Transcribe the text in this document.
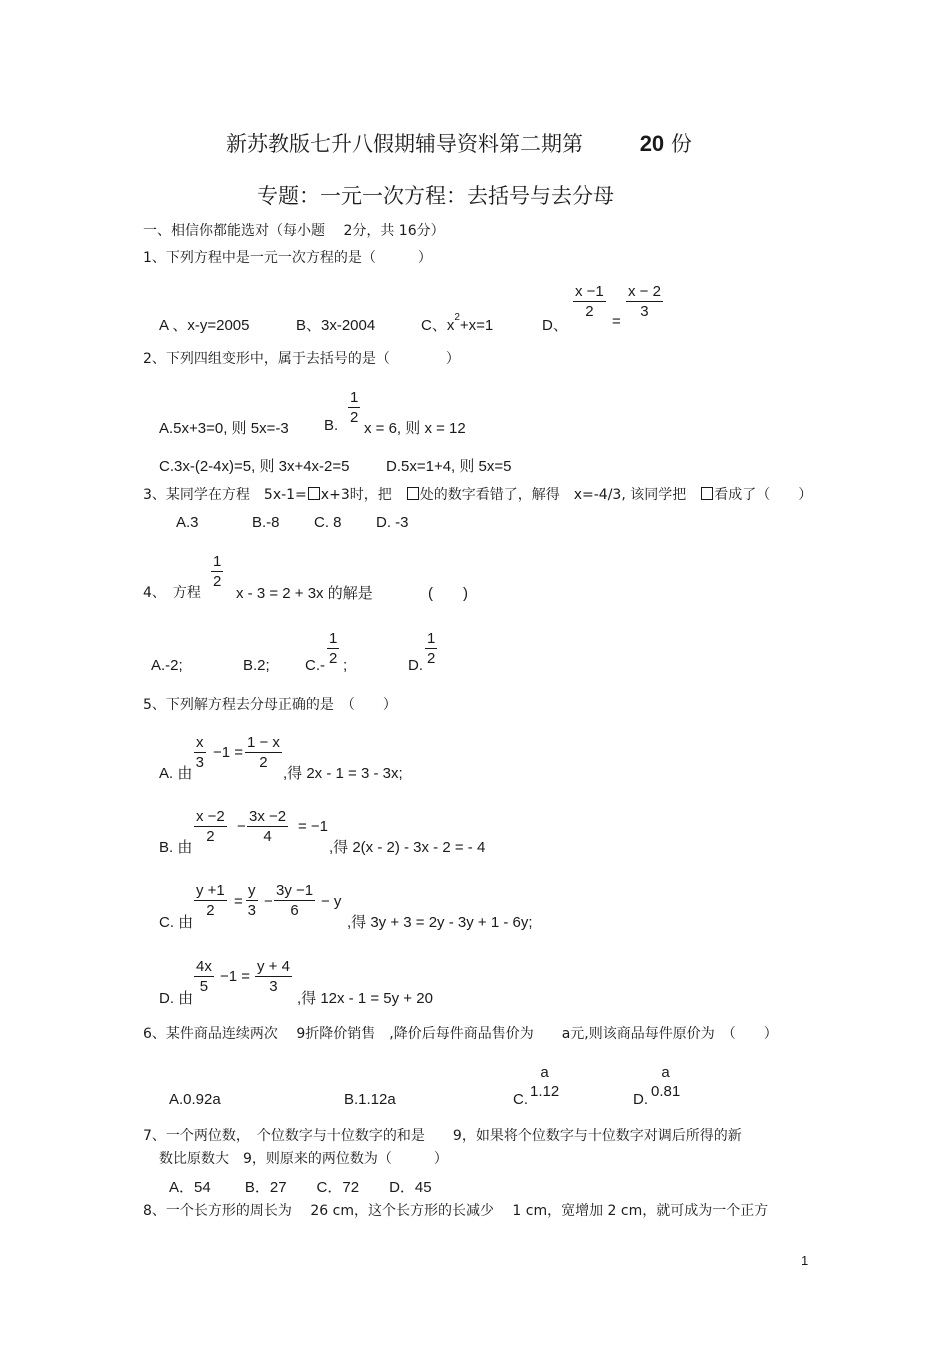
新苏教版七升八假期辅导资料第二期第	20 份
专题：一元一次方程：去括号与去分母
一、相信你都能选对（每小题　 2分，共 16分）
1、下列方程中是一元一次方程的是（　　　）
A 、x-y=2005	B、3x-2004	C、$x^2+x=1$	D、
$\frac{x -1}{2}$
=
$\frac{x - 2}{3}$
2、下列四组变形中，属于去括号的是（　　　　）
A.5x+3=0, 则 5x=-3 B. $\frac{1}{2}$
x = 6, 则 x = 12
C.3x-(2-4x)=5, 则 3x+4x-2=5 D.5x=1+4, 则 5x=5
3、某同学在方程　5x-1= x+3时，把　 处的数字看错了，解得　x=-4/3, 该同学把　 看成了（　　）
A.3	B.-8 C. 8 D. -3
4、　方程
$\frac{1}{2}$
x - 3 = 2 + 3x 的解是	(　　)
A.-2;	B.2; $C.- \frac{1}{2}$ ;	D. $\frac{1}{2}$
5、下列解方程去分母正确的是　（　　）
A. 由
$\frac{x}{3} -1 = \frac{1 - x}{2}$
,得 2x - 1 = 3 - 3x;
B. 由
$\frac{x -2}{2} - \frac{3x -2}{4} = -1$
,得 2(x - 2) - 3x - 2 = - 4
C. 由
$\frac{y +1}{2} = \frac{y}{3} - \frac{3y -1}{6} - y$
,得 3y + 3 = 2y - 3y + 1 - 6y;
D. 由
$\frac{4x}{5} -1 = \frac{y + 4}{3}$
,得 12x - 1 = 5y + 20
6、某件商品连续两次　 9折降价销售　,降价后每件商品售价为　　a元,则该商品每件原价为　（　　）
A.0.92a	B.1.12a	C.
a
1.12	D.
a
0.81
7、一个两位数，　个位数字与十位数字的和是　　9，如果将个位数字与十位数字对调后所得的新
数比原数大　9，则原来的两位数为（　　　）
A．54　　 B．27　　C．72　　D．45
8、一个长方形的周长为　 26 cm，这个长方形的长减少　 1 cm，宽增加 2 cm，就可成为一个正方
1
